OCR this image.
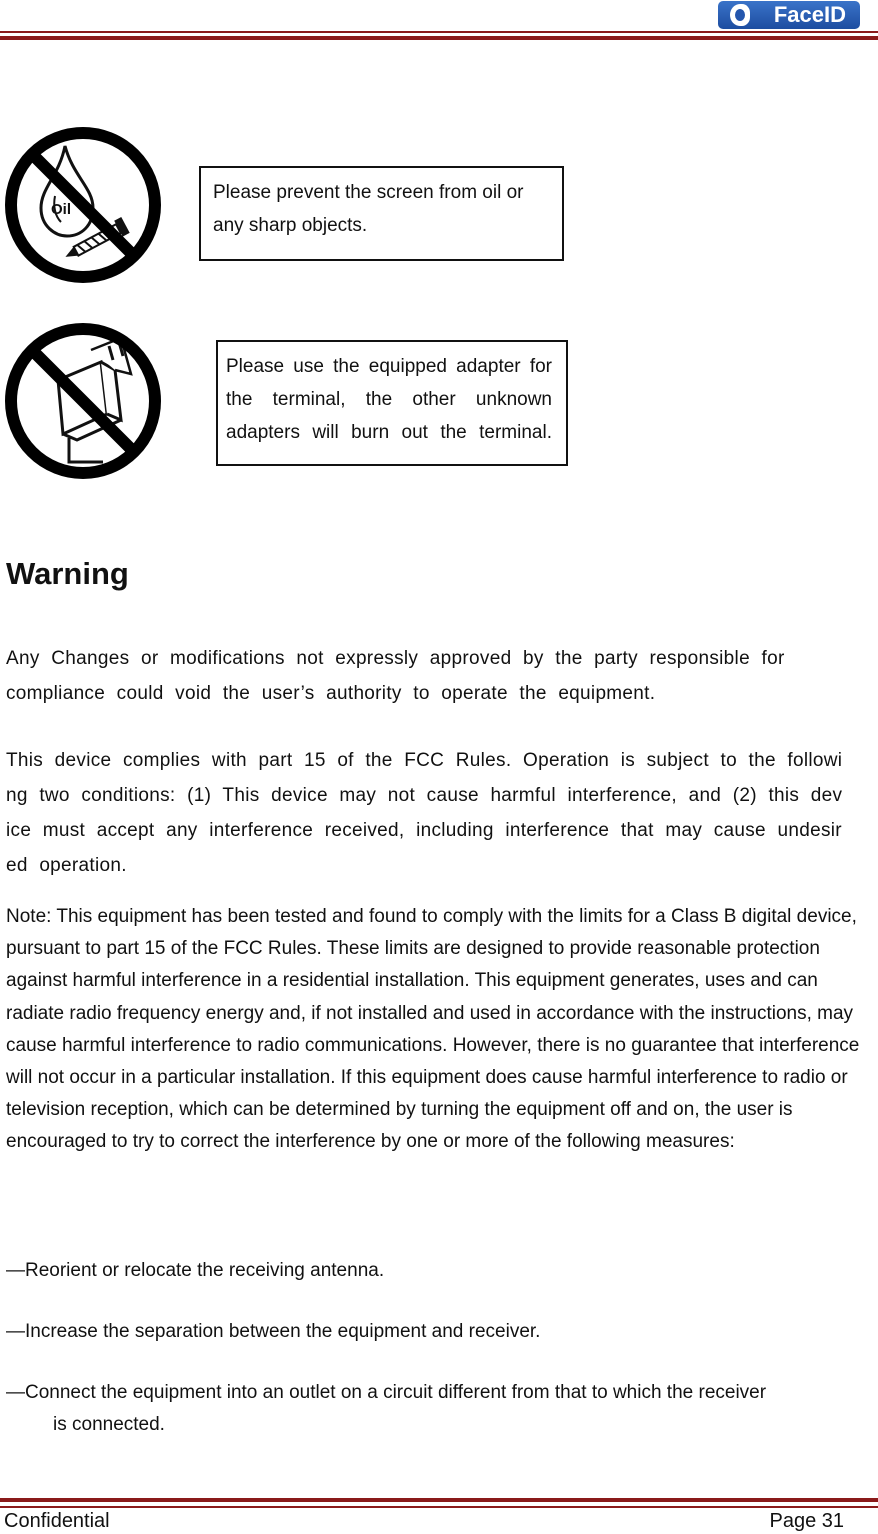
FaceID
Oil
Please prevent the screen from oil or any sharp objects.
Please use the equipped adapter for the terminal, the other unknown adapters will burn out the terminal.
Warning
Any Changes or modifications not expressly approved by the party responsible for compliance could void the user’s authority to operate the equipment.
This device complies with part 15 of the FCC Rules. Operation is subject to the following two conditions: (1) This device may not cause harmful interference, and (2) this device must accept any interference received, including interference that may cause undesired operation.
Note: This equipment has been tested and found to comply with the limits for a Class B digital device, pursuant to part 15 of the FCC Rules. These limits are designed to provide reasonable protection against harmful interference in a residential installation. This equipment generates, uses and can radiate radio frequency energy and, if not installed and used in accordance with the instructions, may cause harmful interference to radio communications. However, there is no guarantee that interference will not occur in a particular installation. If this equipment does cause harmful interference to radio or television reception, which can be determined by turning the equipment off and on, the user is encouraged to try to correct the interference by one or more of the following measures:
—Reorient or relocate the receiving antenna.
—Increase the separation between the equipment and receiver.
—Connect the equipment into an outlet on a circuit different from that to which the receiver
is connected.
Confidential	Page 31
